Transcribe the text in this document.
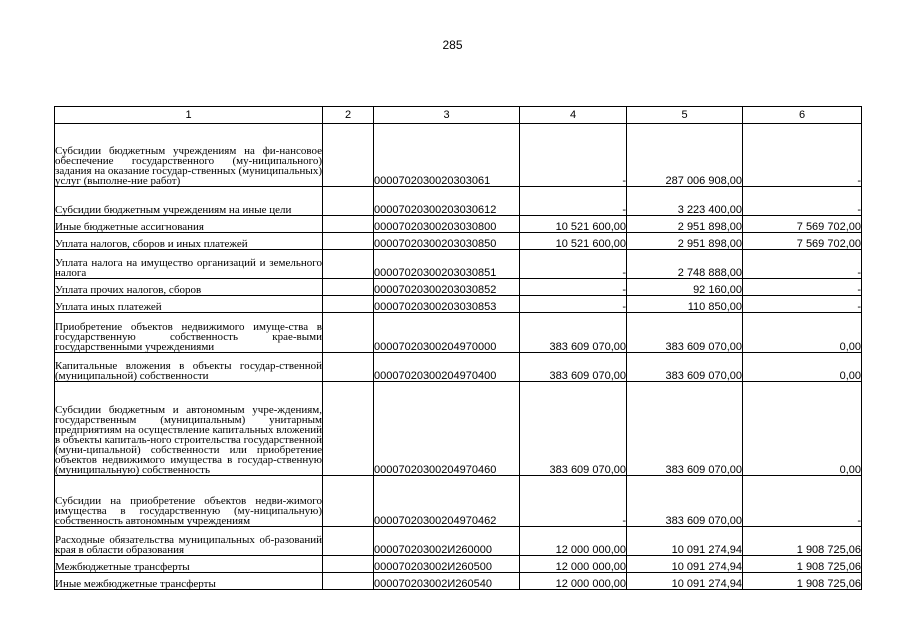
285
1	2	3	4	5	6
Субсидии бюджетным учреждениям на фи-нансовое обеспечение государственного (му-ниципального) задания на оказание государ-ственных (муниципальных) услуг (выполне-ние работ)		0000702030020303061	-	287 006 908,00	-
Субсидии бюджетным учреждениям на иные цели		00007020300203030612	-	3 223 400,00	-
Иные бюджетные ассигнования		00007020300203030800	10 521 600,00	2 951 898,00	7 569 702,00
Уплата налогов, сборов и иных платежей		00007020300203030850	10 521 600,00	2 951 898,00	7 569 702,00
Уплата налога на имущество организаций и земельного налога		00007020300203030851	-	2 748 888,00	-
Уплата прочих налогов, сборов		00007020300203030852	-	92 160,00	-
Уплата иных платежей		00007020300203030853	-	110 850,00	-
Приобретение объектов недвижимого имуще-ства в государственную собственность крае-выми государственными учреждениями		00007020300204970000	383 609 070,00	383 609 070,00	0,00
Капитальные вложения в объекты государ-ственной (муниципальной) собственности		00007020300204970400	383 609 070,00	383 609 070,00	0,00
Субсидии бюджетным и автономным учре-ждениям, государственным (муниципальным) унитарным предприятиям на осуществление капитальных вложений в объекты капиталь-ного строительства государственной (муни-ципальной) собственности или приобретение объектов недвижимого имущества в государ-ственную (муниципальную) собственность		00007020300204970460	383 609 070,00	383 609 070,00	0,00
Субсидии на приобретение объектов недви-жимого имущества в государственную (му-ниципальную) собственность автономным учреждениям		00007020300204970462	-	383 609 070,00	-
Расходные обязательства муниципальных об-разований края в области образования		000070203002И260000	12 000 000,00	10 091 274,94	1 908 725,06
Межбюджетные трансферты		000070203002И260500	12 000 000,00	10 091 274,94	1 908 725,06
Иные межбюджетные трансферты		000070203002И260540	12 000 000,00	10 091 274,94	1 908 725,06
